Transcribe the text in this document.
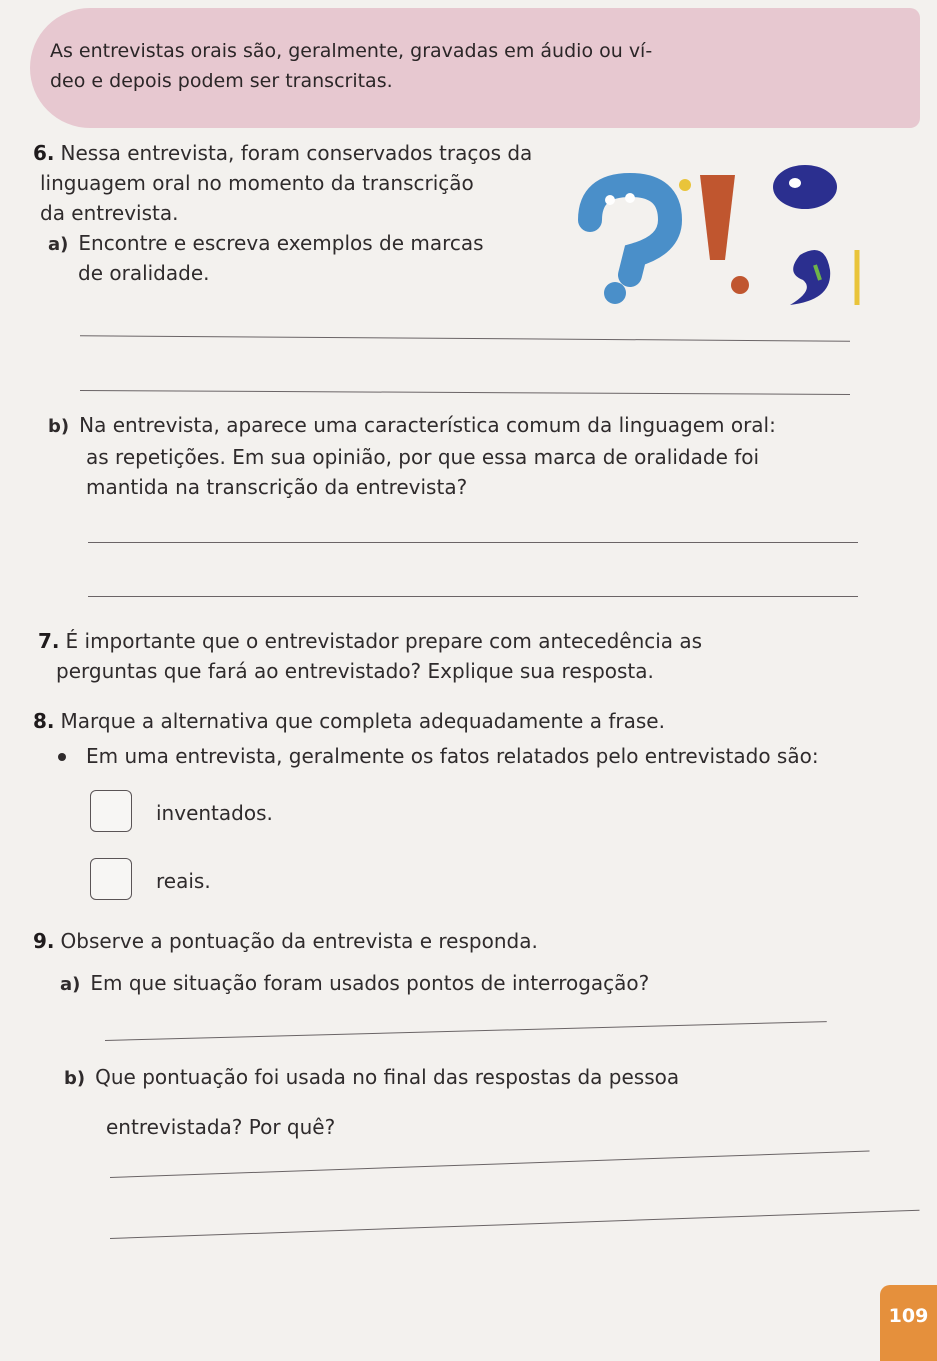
As entrevistas orais são, geralmente, gravadas em áudio ou ví-
deo e depois podem ser transcritas.
6. Nessa entrevista, foram conservados traços da
linguagem oral no momento da transcrição
da entrevista.
a) Encontre e escreva exemplos de marcas
de oralidade.
b) Na entrevista, aparece uma característica comum da linguagem oral:
as repetições. Em sua opinião, por que essa marca de oralidade foi
mantida na transcrição da entrevista?
7. É importante que o entrevistador prepare com antecedência as
perguntas que fará ao entrevistado? Explique sua resposta.
8. Marque a alternativa que completa adequadamente a frase.
Em uma entrevista, geralmente os fatos relatados pelo entrevistado são:
inventados.
reais.
9. Observe a pontuação da entrevista e responda.
a) Em que situação foram usados pontos de interrogação?
b) Que pontuação foi usada no final das respostas da pessoa
entrevistada? Por quê?
109
